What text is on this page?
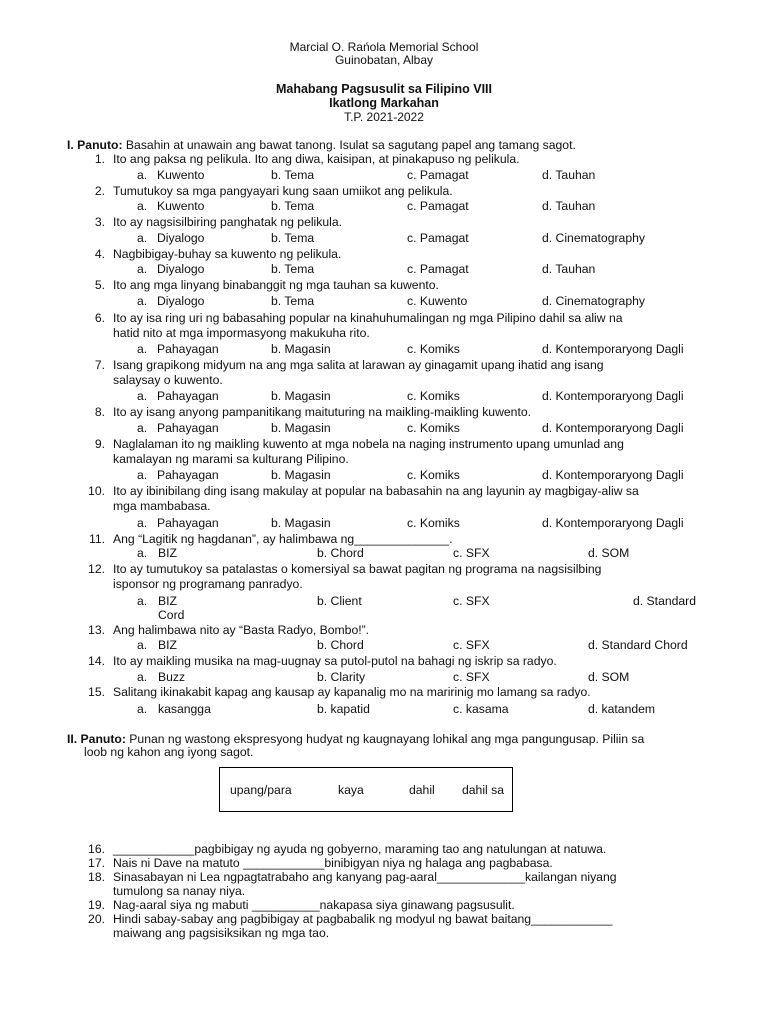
Marcial O. Rańola Memorial School
Guinobatan, Albay
Mahabang Pagsusulit sa Filipino VIII
Ikatlong Markahan
T.P. 2021-2022
I. Panuto: Basahin at unawain ang bawat tanong. Isulat sa sagutang papel ang tamang sagot.
1. Ito ang paksa ng pelikula. Ito ang diwa, kaisipan, at pinakapuso ng pelikula.
a. Kuwento	b. Tema	c. Pamagat	d. Tauhan
2. Tumutukoy sa mga pangyayari kung saan umiikot ang pelikula.
a. Kuwento	b. Tema	c. Pamagat	d. Tauhan
3. Ito ay nagsisilbiring panghatak ng pelikula.
a. Diyalogo	b. Tema	c. Pamagat	d. Cinematography
4. Nagbibigay-buhay sa kuwento ng pelikula.
a. Diyalogo	b. Tema	c. Pamagat	d. Tauhan
5. Ito ang mga linyang binabanggit ng mga tauhan sa kuwento.
a. Diyalogo	b. Tema	c. Kuwento	d. Cinematography
6. Ito ay isa ring uri ng babasahing popular na kinahuhumalingan ng mga Pilipino dahil sa aliw na
hatid nito at mga impormasyong makukuha rito.
a. Pahayagan	b. Magasin	c. Komiks	d. Kontemporaryong Dagli
7. Isang grapikong midyum na ang mga salita at larawan ay ginagamit upang ihatid ang isang
salaysay o kuwento.
a. Pahayagan	b. Magasin	c. Komiks	d. Kontemporaryong Dagli
8. Ito ay isang anyong pampanitikang maituturing na maikling-maikling kuwento.
a. Pahayagan	b. Magasin	c. Komiks	d. Kontemporaryong Dagli
9. Naglalaman ito ng maikling kuwento at mga nobela na naging instrumento upang umunlad ang
kamalayan ng marami sa kulturang Pilipino.
a. Pahayagan	b. Magasin	c. Komiks	d. Kontemporaryong Dagli
10. Ito ay ibinibilang ding isang makulay at popular na babasahin na ang layunin ay magbigay-aliw sa
mga mambabasa.
a. Pahayagan	b. Magasin	c. Komiks	d. Kontemporaryong Dagli
11. Ang “Lagitik ng hagdanan”, ay halimbawa ng______________.
a. BIZ	b. Chord	c. SFX	d. SOM
12. Ito ay tumutukoy sa patalastas o komersiyal sa bawat pagitan ng programa na nagsisilbing
isponsor ng programang panradyo.
a. BIZ	b. Client	c. SFX	d. Standard
Cord
13. Ang halimbawa nito ay “Basta Radyo, Bombo!”.
a. BIZ	b. Chord	c. SFX	d. Standard Chord
14. Ito ay maikling musika na mag-uugnay sa putol-putol na bahagi ng iskrip sa radyo.
a. Buzz	b. Clarity	c. SFX	d. SOM
15. Salitang ikinakabit kapag ang kausap ay kapanalig mo na maririnig mo lamang sa radyo.
a. kasangga	b. kapatid	c. kasama	d. katandem
II. Panuto: Punan ng wastong ekspresyong hudyat ng kaugnayang lohikal ang mga pangungusap. Piliin sa
loob ng kahon ang iyong sagot.
upang/para	kaya	dahil dahil sa
16. ____________pagbibigay ng ayuda ng gobyerno, maraming tao ang natulungan at natuwa.
17. Nais ni Dave na matuto ____________binibigyan niya ng halaga ang pagbabasa.
18. Sinasabayan ni Lea ngpagtatrabaho ang kanyang pag-aaral_____________kailangan niyang
tumulong sa nanay niya.
19. Nag-aaral siya ng mabuti __________nakapasa siya ginawang pagsusulit.
20. Hindi sabay-sabay ang pagbibigay at pagbabalik ng modyul ng bawat baitang____________
maiwang ang pagsisiksikan ng mga tao.
